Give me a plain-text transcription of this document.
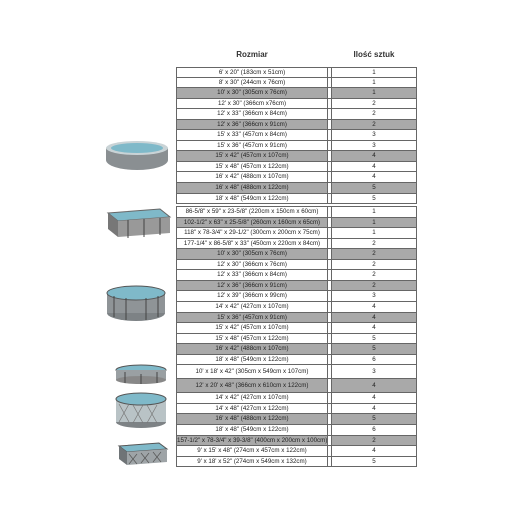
Rozmiar	Ilość sztuk
6' x 20" (183cm x 51cm)	1
8' x 30" (244cm x 76cm)	1
10' x 30" (305cm x 76cm)	1
12' x 30" (366cm x76cm)	2
12' x 33" (366cm x 84cm)	2
12' x 36" (366cm x 91cm)	2
15' x 33" (457cm x 84cm)	3
15' x 36" (457cm x 91cm)	3
15' x 42" (457cm x 107cm)	4
15' x 48" (457cm x 122cm)	4
16' x 42" (488cm x 107cm)	4
16' x 48" (488cm x 122cm)	5
18' x 48" (549cm x 122cm)	5
86-5/8" x 59" x 23-5/8" (220cm x 150cm x 60cm)	1
102-1/2" x 63" x 25-5/8" (260cm x 160cm x 65cm)	1
118" x 78-3/4" x 29-1/2" (300cm x 200cm x 75cm)	1
177-1/4" x 86-5/8" x 33" (450cm x 220cm x 84cm)	2
10' x 30" (305cm x 76cm)	2
12' x 30" (366cm x 76cm)	2
12' x 33" (366cm x 84cm)	2
12' x 36" (366cm x 91cm)	2
12' x 39" (366cm x 99cm)	3
14' x 42" (427cm x 107cm)	4
15' x 36" (457cm x 91cm)	4
15' x 42" (457cm x 107cm)	4
15' x 48" (457cm x 122cm)	5
16' x 42" (488cm x 107cm)	5
18' x 48" (549cm x 122cm)	6
10' x 18' x 42" (305cm x 549cm x 107cm)	3
12' x 20' x 48" (366cm x 610cm x 122cm)	4
14' x 42" (427cm x 107cm)	4
14' x 48" (427cm x 122cm)	4
16' x 48" (488cm x 122cm)	5
18' x 48" (549cm x 122cm)	6
157-1/2" x 78-3/4" x 39-3/8" (400cm x 200cm x 100cm)	2
9' x 15' x 48" (274cm x 457cm x 122cm)	4
9' x 18' x 52" (274cm x 549cm x 132cm)	5
